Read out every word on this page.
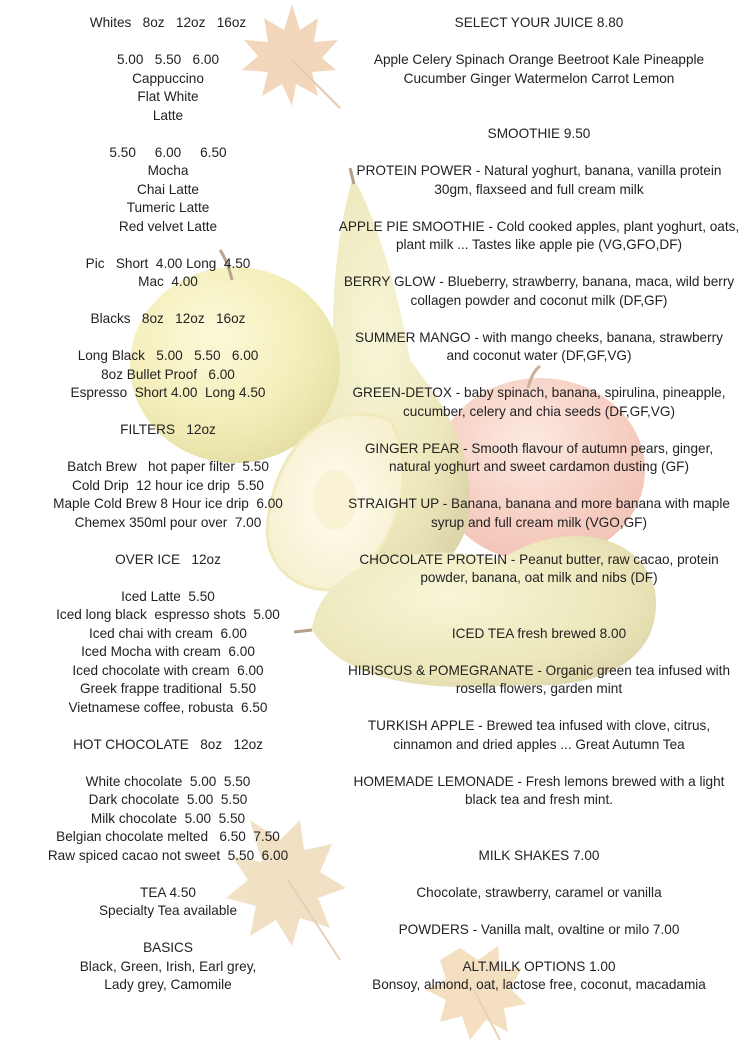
Whites   8oz   12oz   16oz
5.00   5.50   6.00
Cappuccino
Flat White
Latte
5.50     6.00     6.50
Mocha
Chai Latte
Tumeric Latte
Red velvet Latte
Pic   Short  4.00 Long  4.50
Mac  4.00
Blacks   8oz   12oz   16oz
Long Black   5.00   5.50   6.00
8oz Bullet Proof   6.00
Espresso  Short 4.00  Long 4.50
FILTERS   12oz
Batch Brew   hot paper filter  5.50
Cold Drip  12 hour ice drip  5.50
Maple Cold Brew 8 Hour ice drip  6.00
Chemex 350ml pour over  7.00
OVER ICE   12oz
Iced Latte  5.50
Iced long black  espresso shots  5.00
Iced chai with cream  6.00
Iced Mocha with cream  6.00
Iced chocolate with cream  6.00
Greek frappe traditional  5.50
Vietnamese coffee, robusta  6.50
HOT CHOCOLATE   8oz   12oz
White chocolate  5.00  5.50
Dark chocolate  5.00  5.50
Milk chocolate  5.00  5.50
Belgian chocolate melted   6.50  7.50
Raw spiced cacao not sweet  5.50  6.00
TEA 4.50
Specialty Tea available
BASICS
Black, Green, Irish, Earl grey,
Lady grey, Camomile
SELECT YOUR JUICE 8.80
Apple Celery Spinach Orange Beetroot Kale Pineapple
Cucumber Ginger Watermelon Carrot Lemon
SMOOTHIE 9.50
PROTEIN POWER - Natural yoghurt, banana, vanilla protein
30gm, flaxseed and full cream milk
APPLE PIE SMOOTHIE - Cold cooked apples, plant yoghurt, oats,
plant milk ... Tastes like apple pie (VG,GFO,DF)
BERRY GLOW - Blueberry, strawberry, banana, maca, wild berry
collagen powder and coconut milk (DF,GF)
SUMMER MANGO - with mango cheeks, banana, strawberry
and coconut water (DF,GF,VG)
GREEN-DETOX - baby spinach, banana, spirulina, pineapple,
cucumber, celery and chia seeds (DF,GF,VG)
GINGER PEAR - Smooth flavour of autumn pears, ginger,
natural yoghurt and sweet cardamon dusting (GF)
STRAIGHT UP - Banana, banana and more banana with maple
syrup and full cream milk (VGO,GF)
CHOCOLATE PROTEIN - Peanut butter, raw cacao, protein
powder, banana, oat milk and nibs (DF)
ICED TEA fresh brewed 8.00
HIBISCUS & POMEGRANATE - Organic green tea infused with
rosella flowers, garden mint
TURKISH APPLE - Brewed tea infused with clove, citrus,
cinnamon and dried apples ... Great Autumn Tea
HOMEMADE LEMONADE - Fresh lemons brewed with a light
black tea and fresh mint.
MILK SHAKES 7.00
Chocolate, strawberry, caramel or vanilla
POWDERS - Vanilla malt, ovaltine or milo 7.00
ALT.MILK OPTIONS 1.00
Bonsoy, almond, oat, lactose free, coconut, macadamia
